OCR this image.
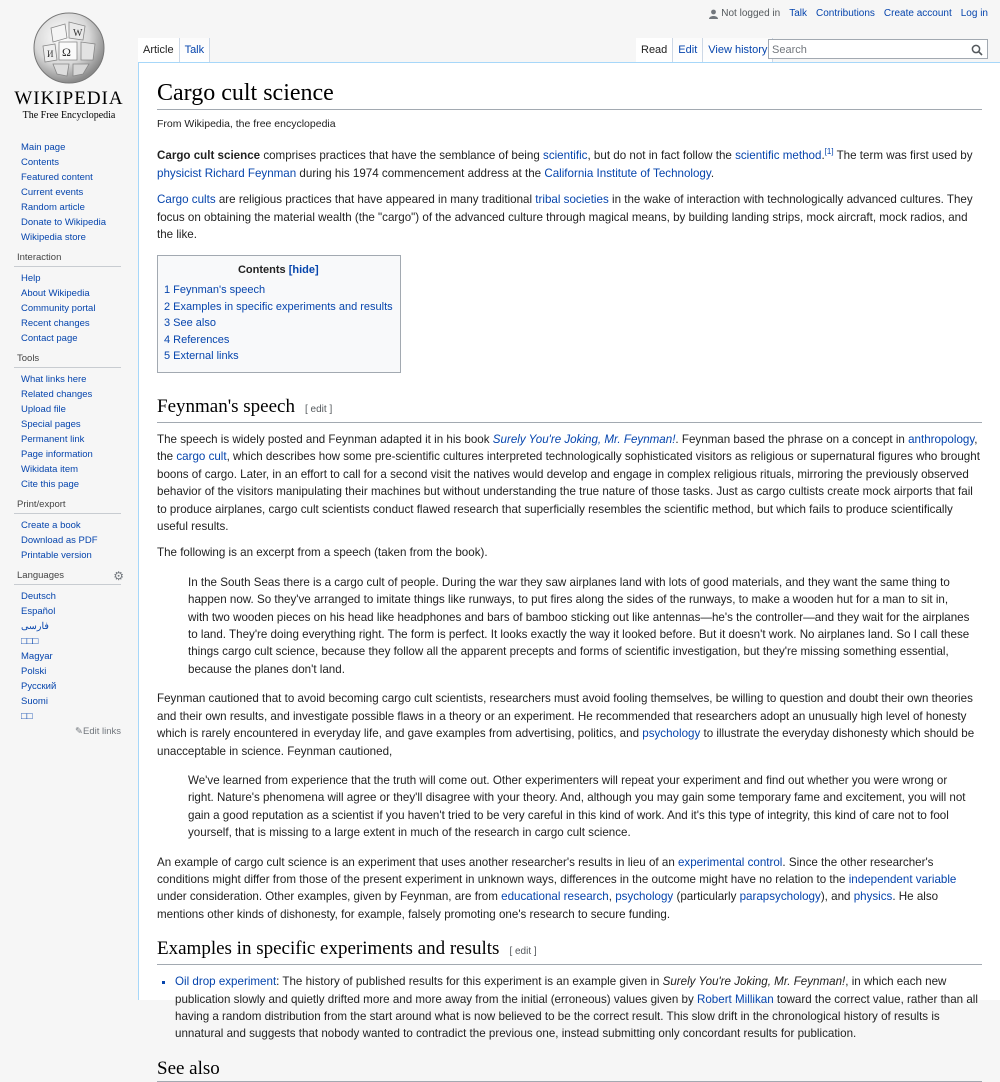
Ω
W
И
WIKIPEDIA
The Free Encyclopedia
Not logged in Talk Contributions Create account Log in
Article	Talk	Read	Edit	View history
Search
Main page
Contents
Featured content
Current events
Random article
Donate to Wikipedia
Wikipedia store
Interaction
Help
About Wikipedia
Community portal
Recent changes
Contact page
Tools
What links here
Related changes
Upload file
Special pages
Permanent link
Page information
Wikidata item
Cite this page
Print/export
Create a book
Download as PDF
Printable version
Languages	⚙
Deutsch
Español
فارسی
□□□
Magyar
Polski
Русский
Suomi
□□
✎Edit links
Cargo cult science
From Wikipedia, the free encyclopedia

Cargo cult science comprises practices that have the semblance of being scientific, but do not in fact follow the scientific method.[1] The term was first used by physicist Richard Feynman during his 1974 commencement address at the California Institute of Technology.

Cargo cults are religious practices that have appeared in many traditional tribal societies in the wake of interaction with technologically advanced cultures. They focus on obtaining the material wealth (the "cargo") of the advanced culture through magical means, by building landing strips, mock aircraft, mock radios, and the like.

Contents [hide]
1 Feynman's speech
2 Examples in specific experiments and results
3 See also
4 References
5 External links
Feynman's speech [ edit ]

The speech is widely posted and Feynman adapted it in his book Surely You're Joking, Mr. Feynman!. Feynman based the phrase on a concept in anthropology, the cargo cult, which describes how some pre-scientific cultures interpreted technologically sophisticated visitors as religious or supernatural figures who brought boons of cargo. Later, in an effort to call for a second visit the natives would develop and engage in complex religious rituals, mirroring the previously observed behavior of the visitors manipulating their machines but without understanding the true nature of those tasks. Just as cargo cultists create mock airports that fail to produce airplanes, cargo cult scientists conduct flawed research that superficially resembles the scientific method, but which fails to produce scientifically useful results.

The following is an excerpt from a speech (taken from the book).

In the South Seas there is a cargo cult of people. During the war they saw airplanes land with lots of good materials, and they want the same thing to happen now. So they've arranged to imitate things like runways, to put fires along the sides of the runways, to make a wooden hut for a man to sit in, with two wooden pieces on his head like headphones and bars of bamboo sticking out like antennas—he's the controller—and they wait for the airplanes to land. They're doing everything right. The form is perfect. It looks exactly the way it looked before. But it doesn't work. No airplanes land. So I call these things cargo cult science, because they follow all the apparent precepts and forms of scientific investigation, but they're missing something essential, because the planes don't land.

Feynman cautioned that to avoid becoming cargo cult scientists, researchers must avoid fooling themselves, be willing to question and doubt their own theories and their own results, and investigate possible flaws in a theory or an experiment. He recommended that researchers adopt an unusually high level of honesty which is rarely encountered in everyday life, and gave examples from advertising, politics, and psychology to illustrate the everyday dishonesty which should be unacceptable in science. Feynman cautioned,

We've learned from experience that the truth will come out. Other experimenters will repeat your experiment and find out whether you were wrong or right. Nature's phenomena will agree or they'll disagree with your theory. And, although you may gain some temporary fame and excitement, you will not gain a good reputation as a scientist if you haven't tried to be very careful in this kind of work. And it's this type of integrity, this kind of care not to fool yourself, that is missing to a large extent in much of the research in cargo cult science.

An example of cargo cult science is an experiment that uses another researcher's results in lieu of an experimental control. Since the other researcher's conditions might differ from those of the present experiment in unknown ways, differences in the outcome might have no relation to the independent variable under consideration. Other examples, given by Feynman, are from educational research, psychology (particularly parapsychology), and physics. He also mentions other kinds of dishonesty, for example, falsely promoting one's research to secure funding.

Examples in specific experiments and results [ edit ]
▪ Oil drop experiment: The history of published results for this experiment is an example given in Surely You're Joking, Mr. Feynman!, in which each new publication slowly and quietly drifted more and more away from the initial (erroneous) values given by Robert Millikan toward the correct value, rather than all having a random distribution from the start around what is now believed to be the correct result. This slow drift in the chronological history of results is unnatural and suggests that nobody wanted to contradict the previous one, instead submitting only concordant results for publication.
See also
